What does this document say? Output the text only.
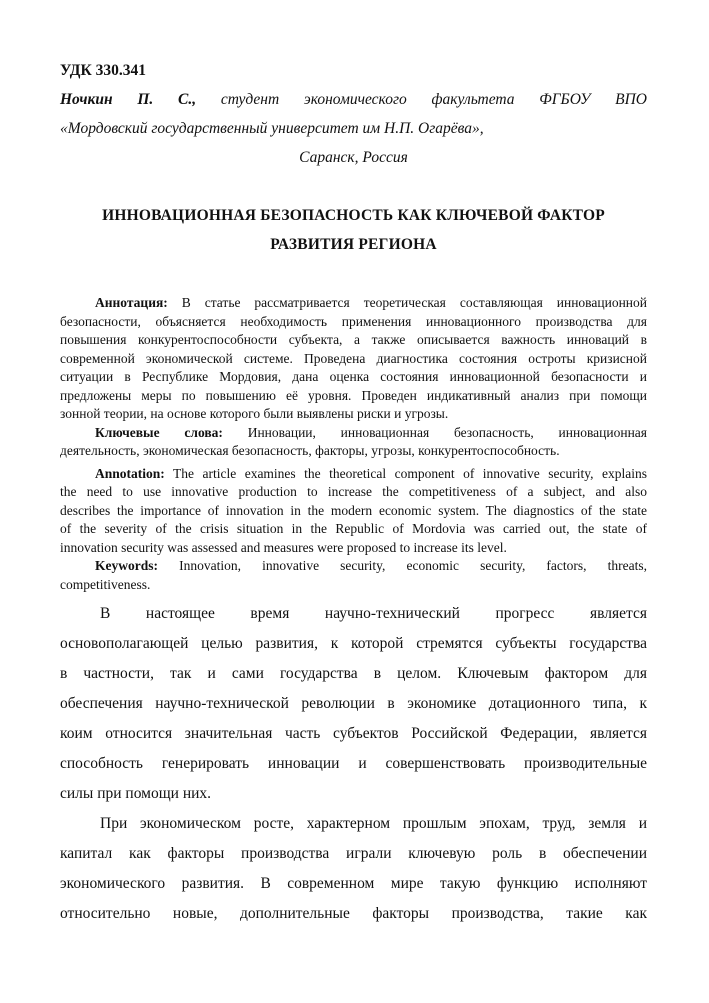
УДК 330.341
Ночкин П. С., студент экономического факультета ФГБОУ ВПО
«Мордовский государственный университет им Н.П. Огарёва»,
Саранск, Россия
ИННОВАЦИОННАЯ БЕЗОПАСНОСТЬ КАК КЛЮЧЕВОЙ ФАКТОР
РАЗВИТИЯ РЕГИОНА
Аннотация: В статье рассматривается теоретическая составляющая инновационной
безопасности, объясняется необходимость применения инновационного производства для
повышения конкурентоспособности субъекта, а также описывается важность инноваций в
современной экономической системе. Проведена диагностика состояния остроты кризисной
ситуации в Республике Мордовия, дана оценка состояния инновационной безопасности и
предложены меры по повышению её уровня. Проведен индикативный анализ при помощи
зонной теории, на основе которого были выявлены риски и угрозы.
Ключевые слова: Инновации, инновационная безопасность, инновационная
деятельность, экономическая безопасность, факторы, угрозы, конкурентоспособность.
Annotation: The article examines the theoretical component of innovative security, explains
the need to use innovative production to increase the competitiveness of a subject, and also
describes the importance of innovation in the modern economic system. The diagnostics of the state
of the severity of the crisis situation in the Republic of Mordovia was carried out, the state of
innovation security was assessed and measures were proposed to increase its level.
Keywords: Innovation, innovative security, economic security, factors, threats,
competitiveness.
В настоящее время научно-технический прогресс является
основополагающей целью развития, к которой стремятся субъекты государства
в частности, так и сами государства в целом. Ключевым фактором для
обеспечения научно-технической революции в экономике дотационного типа, к
коим относится значительная часть субъектов Российской Федерации, является
способность генерировать инновации и совершенствовать производительные
силы при помощи них.
При экономическом росте, характерном прошлым эпохам, труд, земля и
капитал как факторы производства играли ключевую роль в обеспечении
экономического развития. В современном мире такую функцию исполняют
относительно новые, дополнительные факторы производства, такие как
